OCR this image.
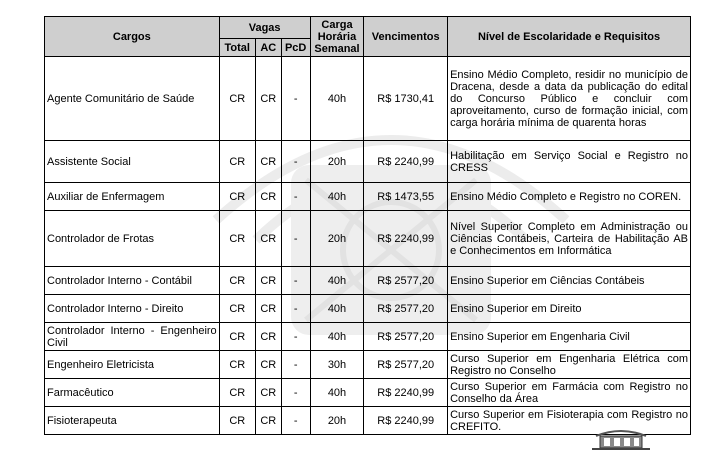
Cargos	Vagas			Carga Horária Semanal	Vencimentos	Nível de Escolaridade e Requisitos
	Total	AC	PcD			
Agente Comunitário de Saúde	CR	CR	-	40h	R$ 1730,41	Ensino Médio Completo, residir no município de Dracena, desde a data da publicação do edital do Concurso Público e concluir com aproveitamento, curso de formação inicial, com carga horária mínima de quarenta horas
Assistente Social	CR	CR	-	20h	R$ 2240,99	Habilitação em Serviço Social e Registro no CRESS
Auxiliar de Enfermagem	CR	CR	-	40h	R$ 1473,55	Ensino Médio Completo e Registro no COREN.
Controlador de Frotas	CR	CR	-	20h	R$ 2240,99	Nível Superior Completo em Administração ou Ciências Contábeis, Carteira de Habilitação AB e Conhecimentos em Informática
Controlador Interno - Contábil	CR	CR	-	40h	R$ 2577,20	Ensino Superior em Ciências Contábeis
Controlador Interno - Direito	CR	CR	-	40h	R$ 2577,20	Ensino Superior em Direito
Controlador Interno - Engenheiro Civil	CR	CR	-	40h	R$ 2577,20	Ensino Superior em Engenharia Civil
Engenheiro Eletricista	CR	CR	-	30h	R$ 2577,20	Curso Superior em Engenharia Elétrica com Registro no Conselho
Farmacêutico	CR	CR	-	40h	R$ 2240,99	Curso Superior em Farmácia com Registro no Conselho da Área
Fisioterapeuta	CR	CR	-	20h	R$ 2240,99	Curso Superior em Fisioterapia com Registro no CREFITO.
